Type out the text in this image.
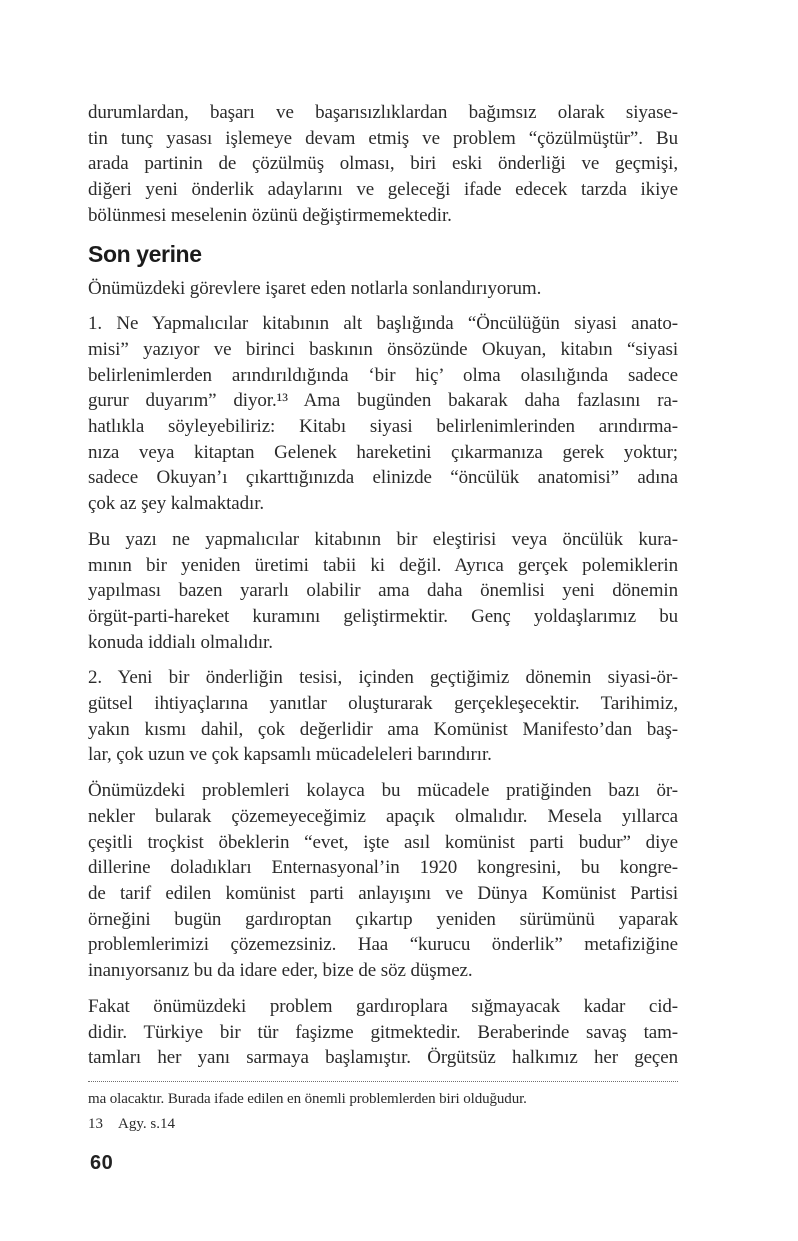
durumlardan, başarı ve başarısızlıklardan bağımsız olarak siyase-
tin tunç yasası işlemeye devam etmiş ve problem “çözülmüştür”. Bu
arada partinin de çözülmüş olması, biri eski önderliği ve geçmişi,
diğeri yeni önderlik adaylarını ve geleceği ifade edecek tarzda ikiye
bölünmesi meselenin özünü değiştirmemektedir.
Son yerine
Önümüzdeki görevlere işaret eden notlarla sonlandırıyorum.
1. Ne Yapmalıcılar kitabının alt başlığında “Öncülüğün siyasi anato-
misi” yazıyor ve birinci baskının önsözünde Okuyan, kitabın “siyasi
belirlenimlerden arındırıldığında ‘bir hiç’ olma olasılığında sadece
gurur duyarım” diyor.¹³ Ama bugünden bakarak daha fazlasını ra-
hatlıkla söyleyebiliriz: Kitabı siyasi belirlenimlerinden arındırma-
nıza veya kitaptan Gelenek hareketini çıkarmanıza gerek yoktur;
sadece Okuyan’ı çıkarttığınızda elinizde “öncülük anatomisi” adına
çok az şey kalmaktadır.
Bu yazı ne yapmalıcılar kitabının bir eleştirisi veya öncülük kura-
mının bir yeniden üretimi tabii ki değil. Ayrıca gerçek polemiklerin
yapılması bazen yararlı olabilir ama daha önemlisi yeni dönemin
örgüt-parti-hareket kuramını geliştirmektir. Genç yoldaşlarımız bu
konuda iddialı olmalıdır.
2. Yeni bir önderliğin tesisi, içinden geçtiğimiz dönemin siyasi-ör-
gütsel ihtiyaçlarına yanıtlar oluşturarak gerçekleşecektir. Tarihimiz,
yakın kısmı dahil, çok değerlidir ama Komünist Manifesto’dan baş-
lar, çok uzun ve çok kapsamlı mücadeleleri barındırır.
Önümüzdeki problemleri kolayca bu mücadele pratiğinden bazı ör-
nekler bularak çözemeyeceğimiz apaçık olmalıdır. Mesela yıllarca
çeşitli troçkist öbeklerin “evet, işte asıl komünist parti budur” diye
dillerine doladıkları Enternasyonal’in 1920 kongresini, bu kongre-
de tarif edilen komünist parti anlayışını ve Dünya Komünist Partisi
örneğini bugün gardıroptan çıkartıp yeniden sürümünü yaparak
problemlerimizi çözemezsiniz. Haa “kurucu önderlik” metafiziğine
inanıyorsanız bu da idare eder, bize de söz düşmez.
Fakat önümüzdeki problem gardıroplara sığmayacak kadar cid-
didir. Türkiye bir tür faşizme gitmektedir. Beraberinde savaş tam-
tamları her yanı sarmaya başlamıştır. Örgütsüz halkımız her geçen
ma olacaktır. Burada ifade edilen en önemli problemlerden biri olduğudur.
13	Agy. s.14
60
